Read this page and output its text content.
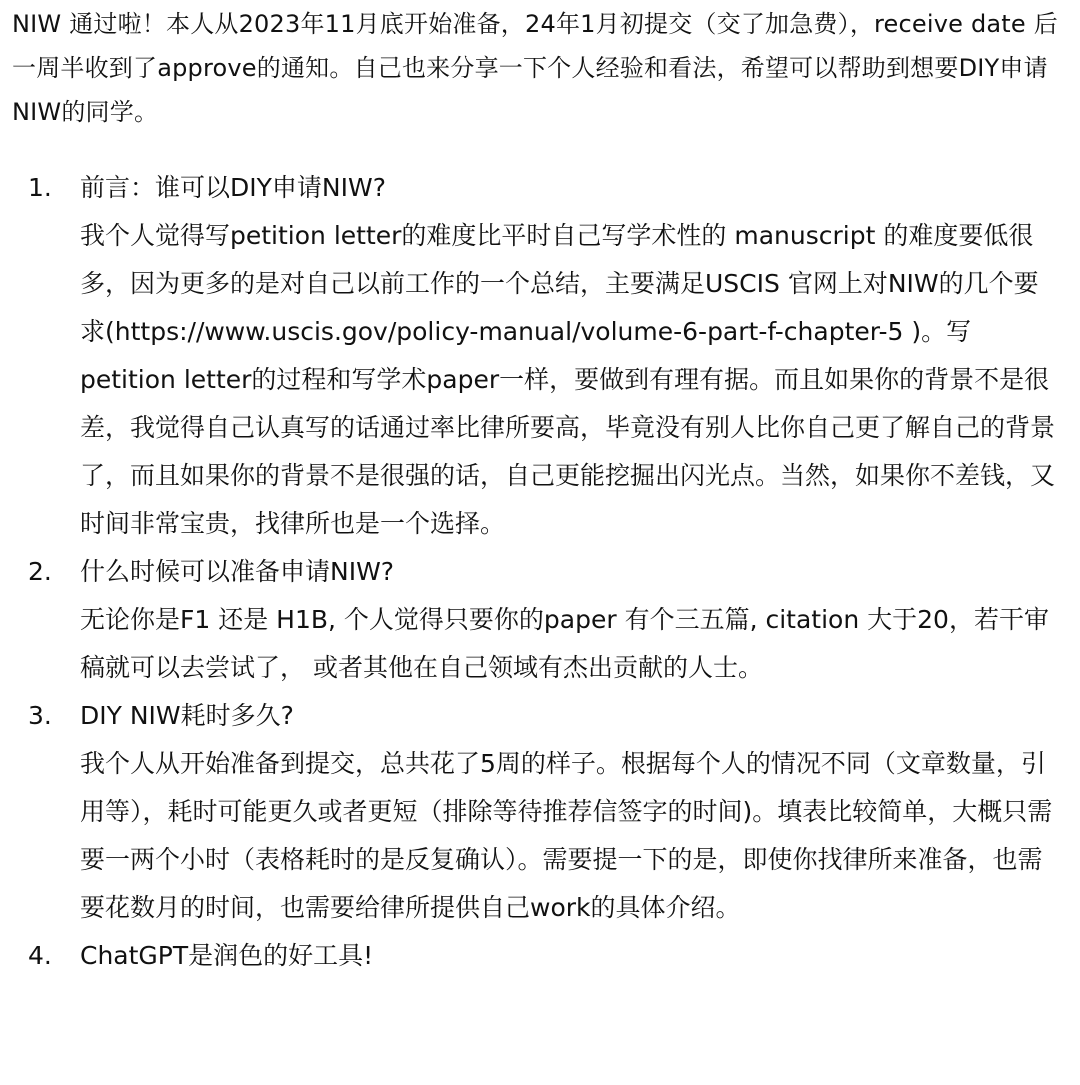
NIW 通过啦！本人从2023年11月底开始准备，24年1月初提交（交了加急费），receive date 后一周半收到了approve的通知。自己也来分享一下个人经验和看法，希望可以帮助到想要DIY申请NIW的同学。

1.	前言：谁可以DIY申请NIW?
我个人觉得写petition letter的难度比平时自己写学术性的 manuscript 的难度要低很多，因为更多的是对自己以前工作的一个总结，主要满足USCIS 官网上对NIW的几个要求(https://www.uscis.gov/policy-manual/volume-6-part-f-chapter-5 )。写petition letter的过程和写学术paper一样，要做到有理有据。而且如果你的背景不是很差，我觉得自己认真写的话通过率比律所要高，毕竟没有别人比你自己更了解自己的背景了，而且如果你的背景不是很强的话，自己更能挖掘出闪光点。当然，如果你不差钱，又时间非常宝贵，找律所也是一个选择。
2.	什么时候可以准备申请NIW?
无论你是F1 还是 H1B, 个人觉得只要你的paper 有个三五篇, citation 大于20，若干审稿就可以去尝试了， 或者其他在自己领域有杰出贡献的人士。
3.	DIY NIW耗时多久?
我个人从开始准备到提交，总共花了5周的样子。根据每个人的情况不同（文章数量，引用等），耗时可能更久或者更短（排除等待推荐信签字的时间)。填表比较简单，大概只需要一两个小时（表格耗时的是反复确认）。需要提一下的是，即使你找律所来准备，也需要花数月的时间，也需要给律所提供自己work的具体介绍。
4.	ChatGPT是润色的好工具!
